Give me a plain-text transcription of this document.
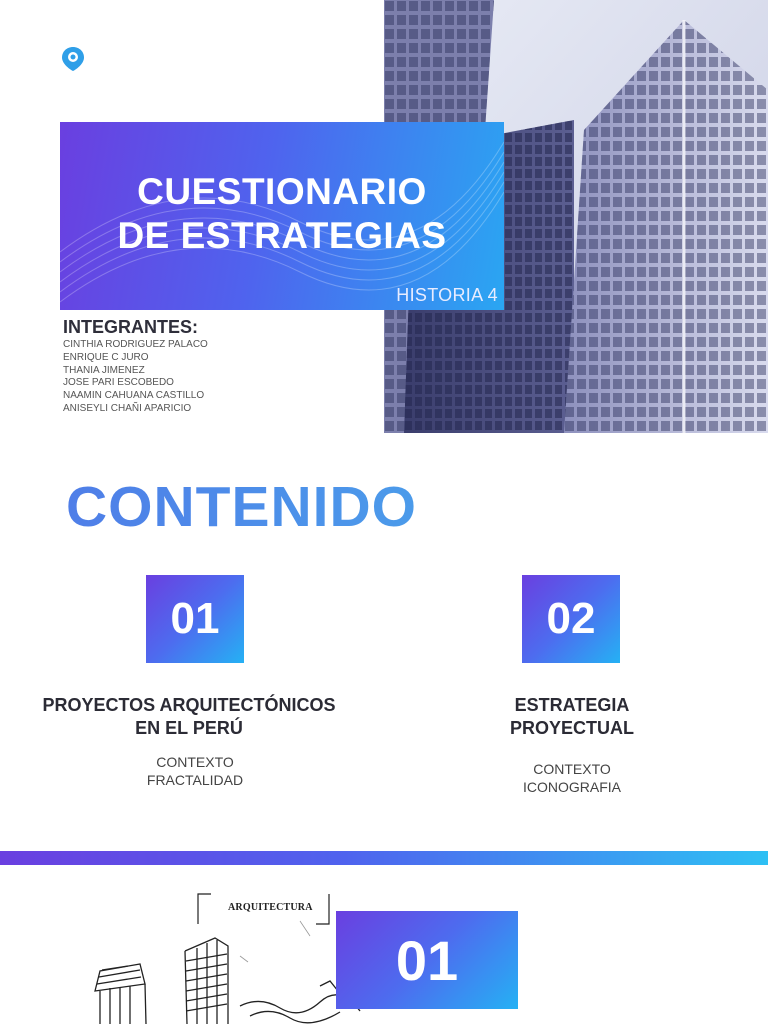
CUESTIONARIO
DE ESTRATEGIAS
HISTORIA 4
INTEGRANTES:
CINTHIA RODRIGUEZ PALACO
ENRIQUE C JURO
THANIA JIMENEZ
JOSE PARI ESCOBEDO
NAAMIN CAHUANA CASTILLO
ANISEYLI CHAÑI APARICIO
CONTENIDO
01	02
PROYECTOS ARQUITECTÓNICOS
EN EL PERÚ
CONTEXTO
FRACTALIDAD
ESTRATEGIA
PROYECTUAL
CONTEXTO
ICONOGRAFIA
ARQUITECTURA
01
